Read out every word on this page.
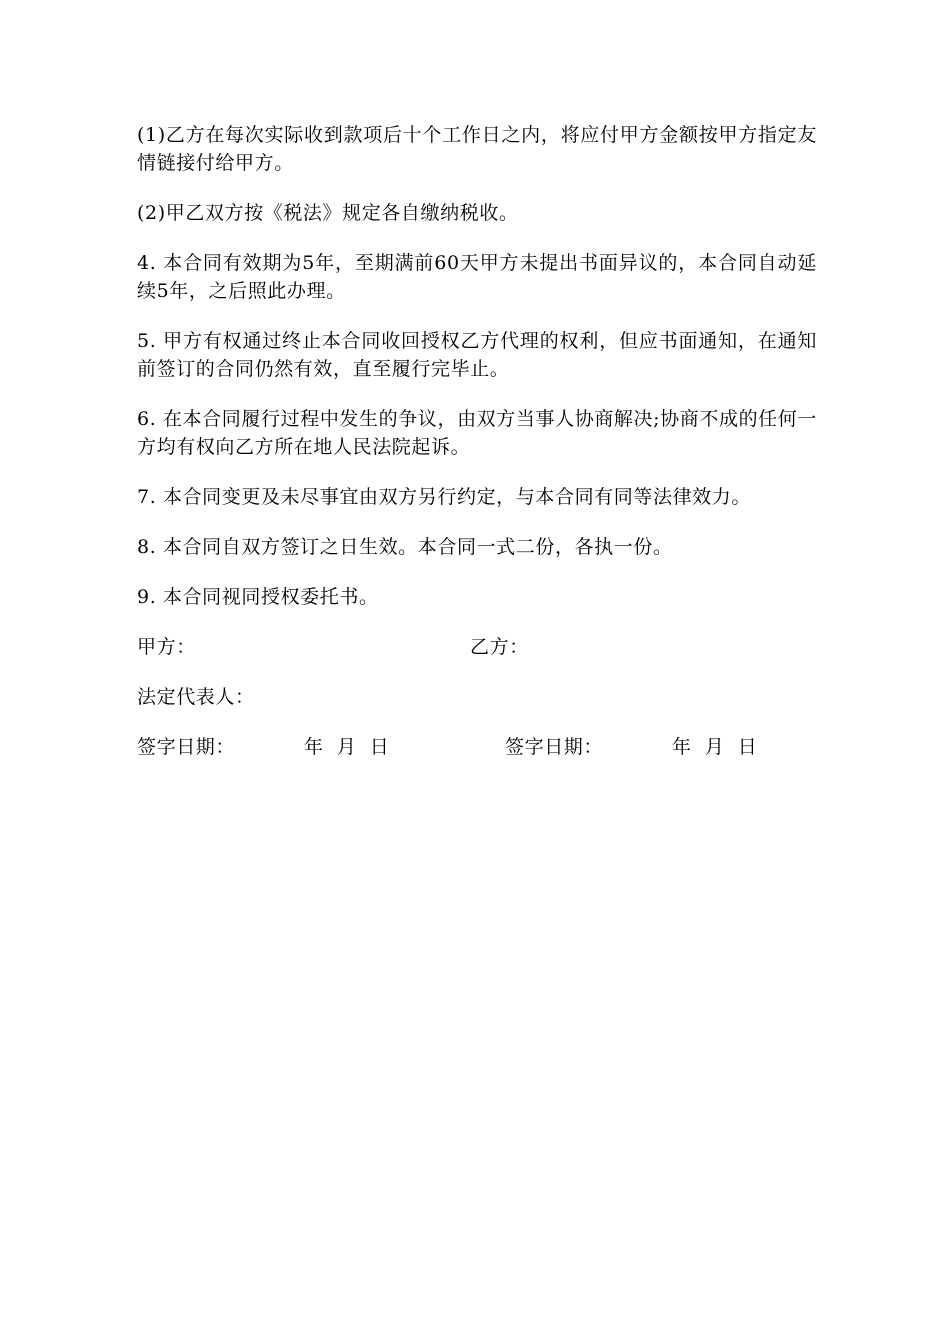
(1)乙方在每次实际收到款项后十个工作日之内，将应付甲方金额按甲方指定友情链接付给甲方。

(2)甲乙双方按《税法》规定各自缴纳税收。

4. 本合同有效期为5年，至期满前60天甲方未提出书面异议的，本合同自动延续5年，之后照此办理。

5. 甲方有权通过终止本合同收回授权乙方代理的权利，但应书面通知，在通知前签订的合同仍然有效，直至履行完毕止。

6. 在本合同履行过程中发生的争议，由双方当事人协商解决;协商不成的任何一方均有权向乙方所在地人民法院起诉。

7. 本合同变更及未尽事宜由双方另行约定，与本合同有同等法律效力。

8. 本合同自双方签订之日生效。本合同一式二份，各执一份。

9. 本合同视同授权委托书。

甲方：	乙方：
法定代表人：
签字日期：	年  月  日	签字日期：	年  月  日
